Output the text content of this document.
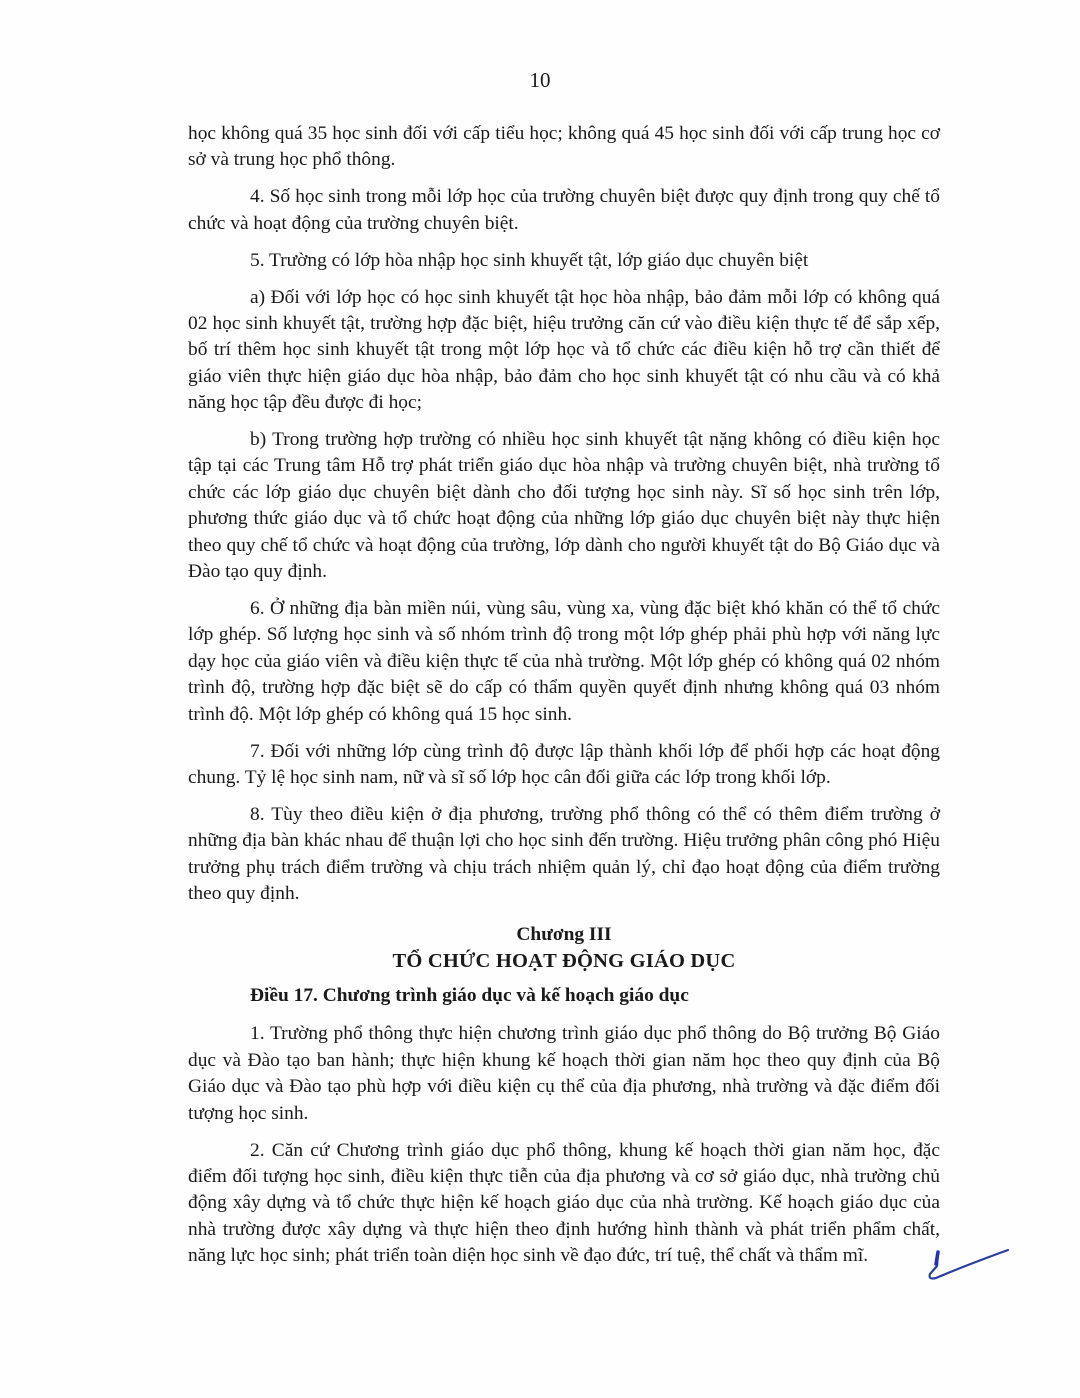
10

học không quá 35 học sinh đối với cấp tiểu học; không quá 45 học sinh đối với cấp trung học cơ sở và trung học phổ thông.

4. Số học sinh trong mỗi lớp học của trường chuyên biệt được quy định trong quy chế tổ chức và hoạt động của trường chuyên biệt.

5. Trường có lớp hòa nhập học sinh khuyết tật, lớp giáo dục chuyên biệt

a) Đối với lớp học có học sinh khuyết tật học hòa nhập, bảo đảm mỗi lớp có không quá 02 học sinh khuyết tật, trường hợp đặc biệt, hiệu trưởng căn cứ vào điều kiện thực tế để sắp xếp, bố trí thêm học sinh khuyết tật trong một lớp học và tổ chức các điều kiện hỗ trợ cần thiết để giáo viên thực hiện giáo dục hòa nhập, bảo đảm cho học sinh khuyết tật có nhu cầu và có khả năng học tập đều được đi học;

b) Trong trường hợp trường có nhiều học sinh khuyết tật nặng không có điều kiện học tập tại các Trung tâm Hỗ trợ phát triển giáo dục hòa nhập và trường chuyên biệt, nhà trường tổ chức các lớp giáo dục chuyên biệt dành cho đối tượng học sinh này. Sĩ số học sinh trên lớp, phương thức giáo dục và tổ chức hoạt động của những lớp giáo dục chuyên biệt này thực hiện theo quy chế tổ chức và hoạt động của trường, lớp dành cho người khuyết tật do Bộ Giáo dục và Đào tạo quy định.

6. Ở những địa bàn miền núi, vùng sâu, vùng xa, vùng đặc biệt khó khăn có thể tổ chức lớp ghép. Số lượng học sinh và số nhóm trình độ trong một lớp ghép phải phù hợp với năng lực dạy học của giáo viên và điều kiện thực tế của nhà trường. Một lớp ghép có không quá 02 nhóm trình độ, trường hợp đặc biệt sẽ do cấp có thẩm quyền quyết định nhưng không quá 03 nhóm trình độ. Một lớp ghép có không quá 15 học sinh.

7. Đối với những lớp cùng trình độ được lập thành khối lớp để phối hợp các hoạt động chung. Tỷ lệ học sinh nam, nữ và sĩ số lớp học cân đối giữa các lớp trong khối lớp.

8. Tùy theo điều kiện ở địa phương, trường phổ thông có thể có thêm điểm trường ở những địa bàn khác nhau để thuận lợi cho học sinh đến trường. Hiệu trưởng phân công phó Hiệu trưởng phụ trách điểm trường và chịu trách nhiệm quản lý, chỉ đạo hoạt động của điểm trường theo quy định.

Chương III
TỔ CHỨC HOẠT ĐỘNG GIÁO DỤC
Điều 17. Chương trình giáo dục và kế hoạch giáo dục

1. Trường phổ thông thực hiện chương trình giáo dục phổ thông do Bộ trưởng Bộ Giáo dục và Đào tạo ban hành; thực hiện khung kế hoạch thời gian năm học theo quy định của Bộ Giáo dục và Đào tạo phù hợp với điều kiện cụ thể của địa phương, nhà trường và đặc điểm đối tượng học sinh.

2. Căn cứ Chương trình giáo dục phổ thông, khung kế hoạch thời gian năm học, đặc điểm đối tượng học sinh, điều kiện thực tiễn của địa phương và cơ sở giáo dục, nhà trường chủ động xây dựng và tổ chức thực hiện kế hoạch giáo dục của nhà trường. Kế hoạch giáo dục của nhà trường được xây dựng và thực hiện theo định hướng hình thành và phát triển phẩm chất, năng lực học sinh; phát triển toàn diện học sinh về đạo đức, trí tuệ, thể chất và thẩm mĩ.
